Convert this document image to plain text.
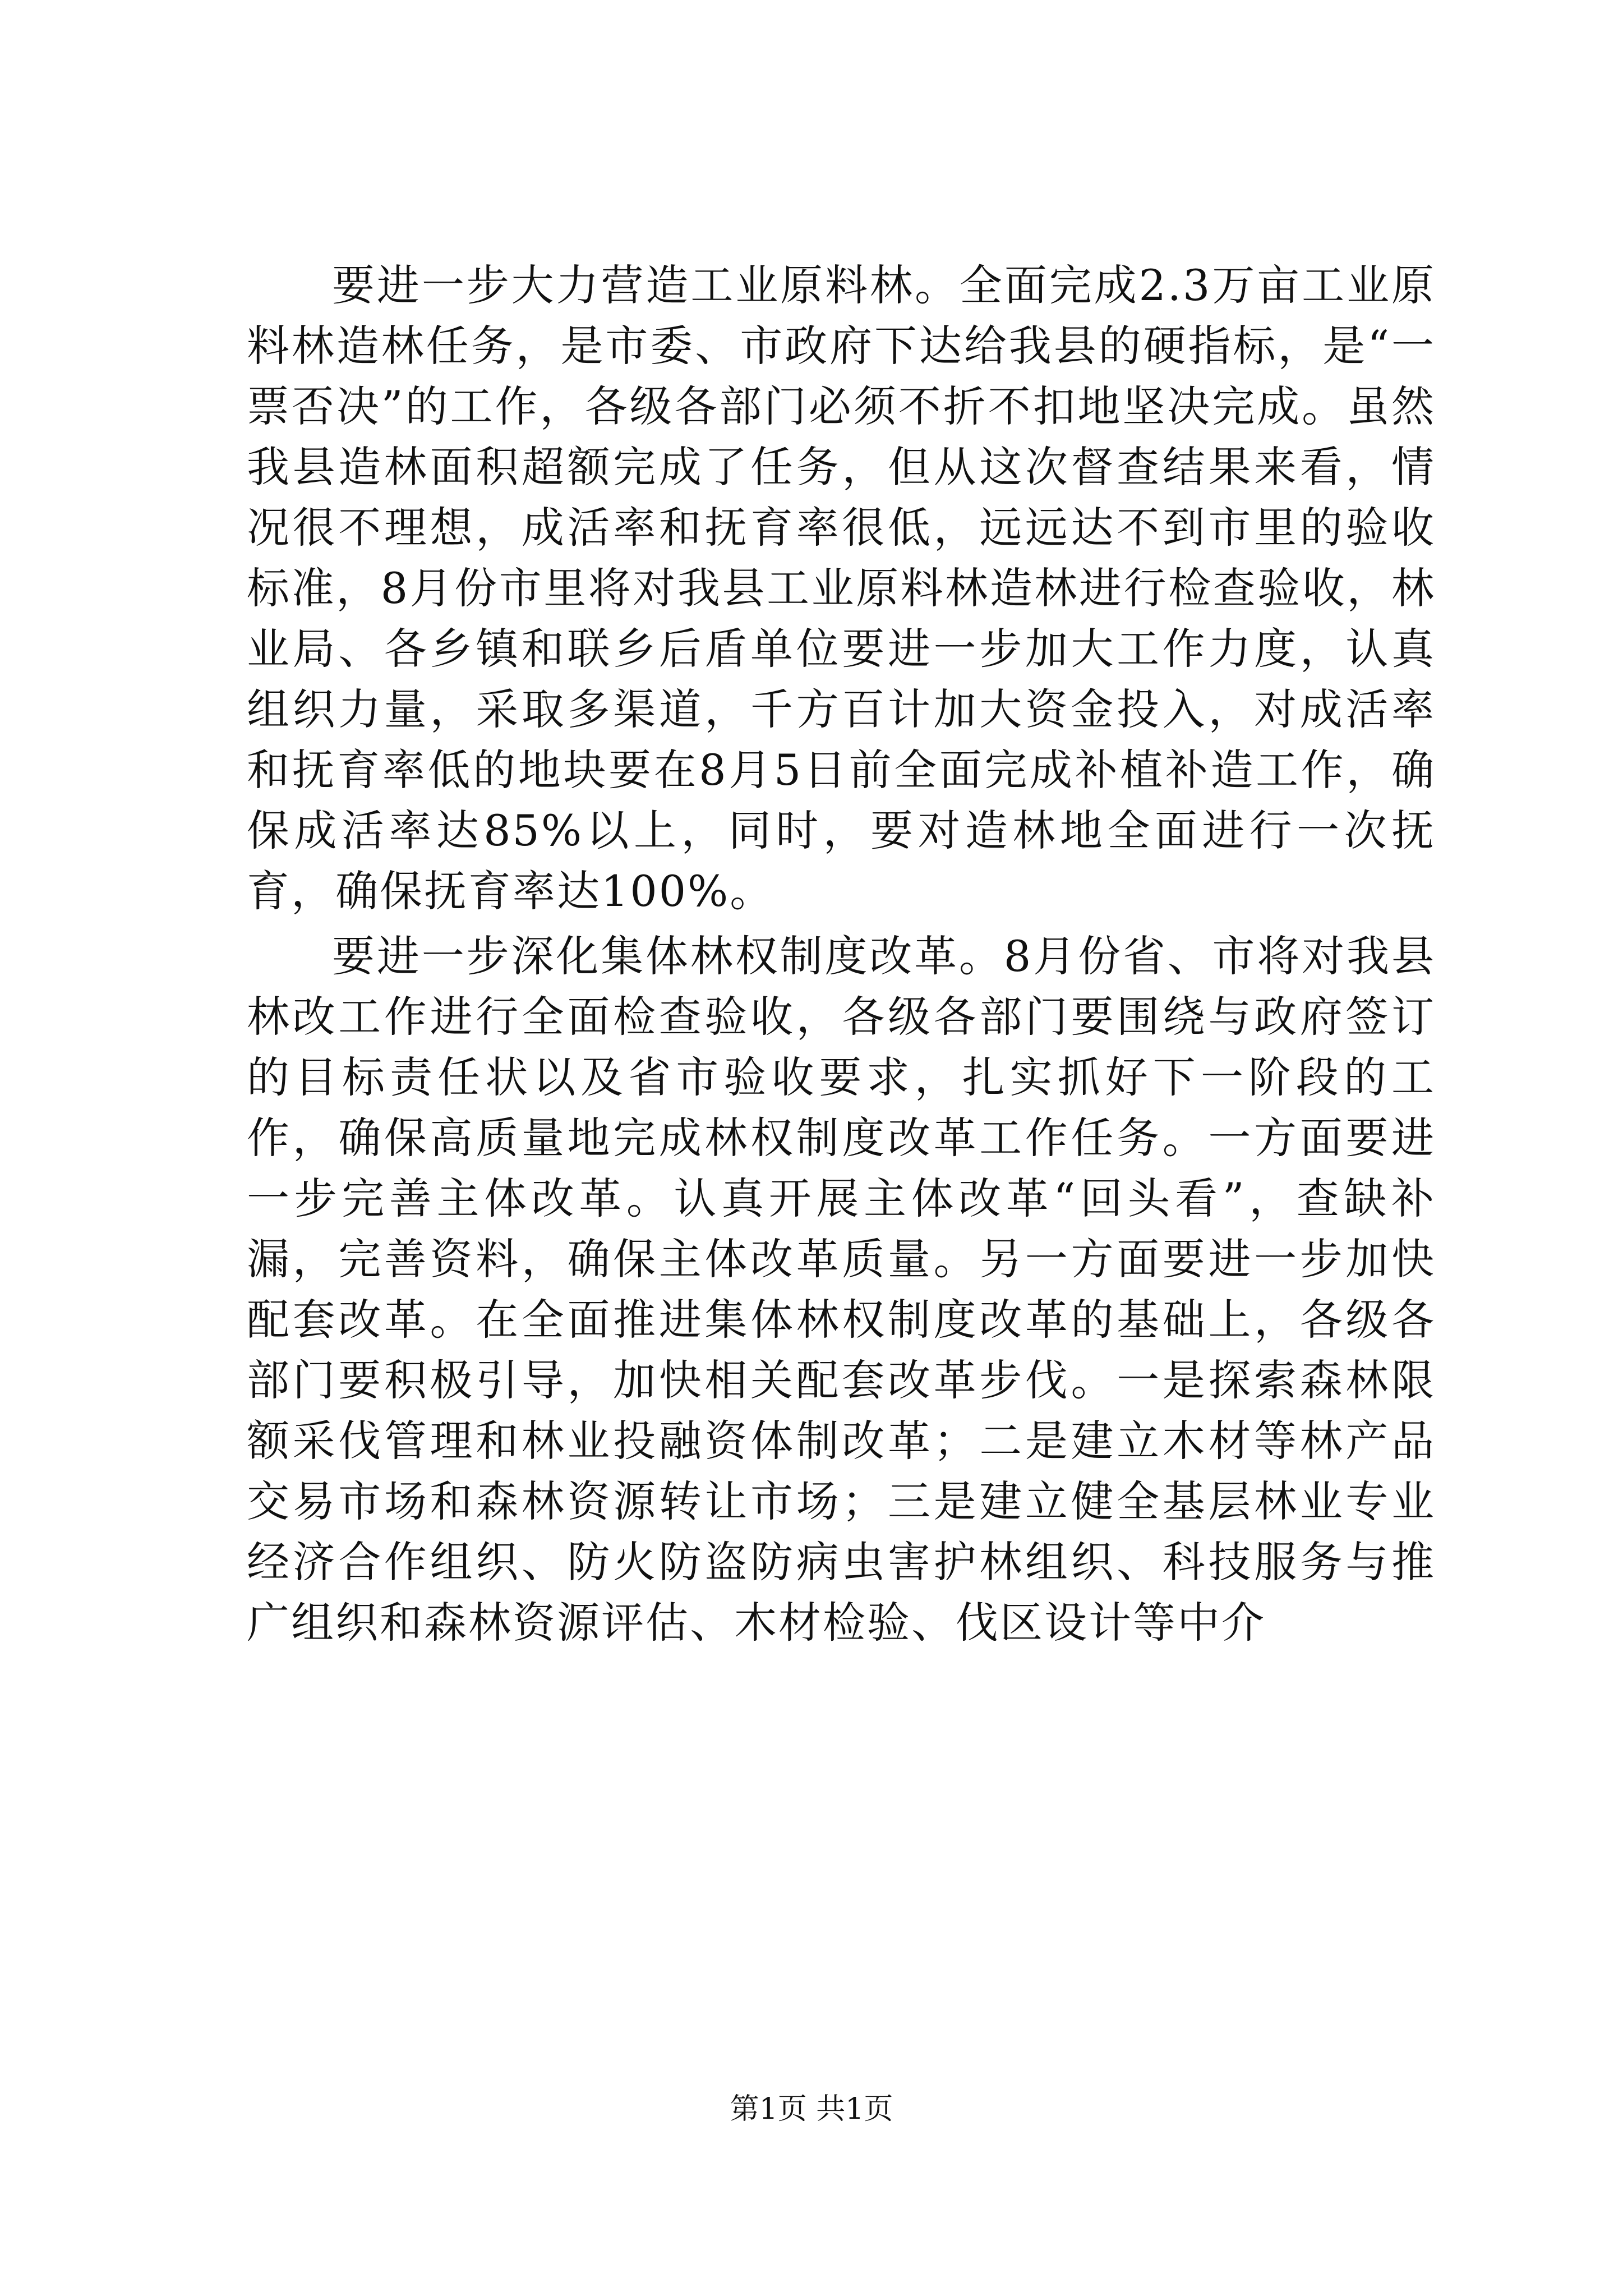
要进一步大力营造工业原料林。全面完成2.3万亩工业原料林造林任务，是市委、市政府下达给我县的硬指标，是“一票否决”的工作，各级各部门必须不折不扣地坚决完成。虽然我县造林面积超额完成了任务，但从这次督查结果来看，情况很不理想，成活率和抚育率很低，远远达不到市里的验收标准，8月份市里将对我县工业原料林造林进行检查验收，林业局、各乡镇和联乡后盾单位要进一步加大工作力度，认真组织力量，采取多渠道，千方百计加大资金投入，对成活率和抚育率低的地块要在8月5日前全面完成补植补造工作，确保成活率达85%以上，同时，要对造林地全面进行一次抚育，确保抚育率达100%。

要进一步深化集体林权制度改革。8月份省、市将对我县林改工作进行全面检查验收，各级各部门要围绕与政府签订的目标责任状以及省市验收要求，扎实抓好下一阶段的工作，确保高质量地完成林权制度改革工作任务。一方面要进一步完善主体改革。认真开展主体改革“回头看”，查缺补漏，完善资料，确保主体改革质量。另一方面要进一步加快配套改革。在全面推进集体林权制度改革的基础上，各级各部门要积极引导，加快相关配套改革步伐。一是探索森林限额采伐管理和林业投融资体制改革；二是建立木材等林产品交易市场和森林资源转让市场；三是建立健全基层林业专业经济合作组织、防火防盗防病虫害护林组织、科技服务与推广组织和森林资源评估、木材检验、伐区设计等中介

第1页 共1页
